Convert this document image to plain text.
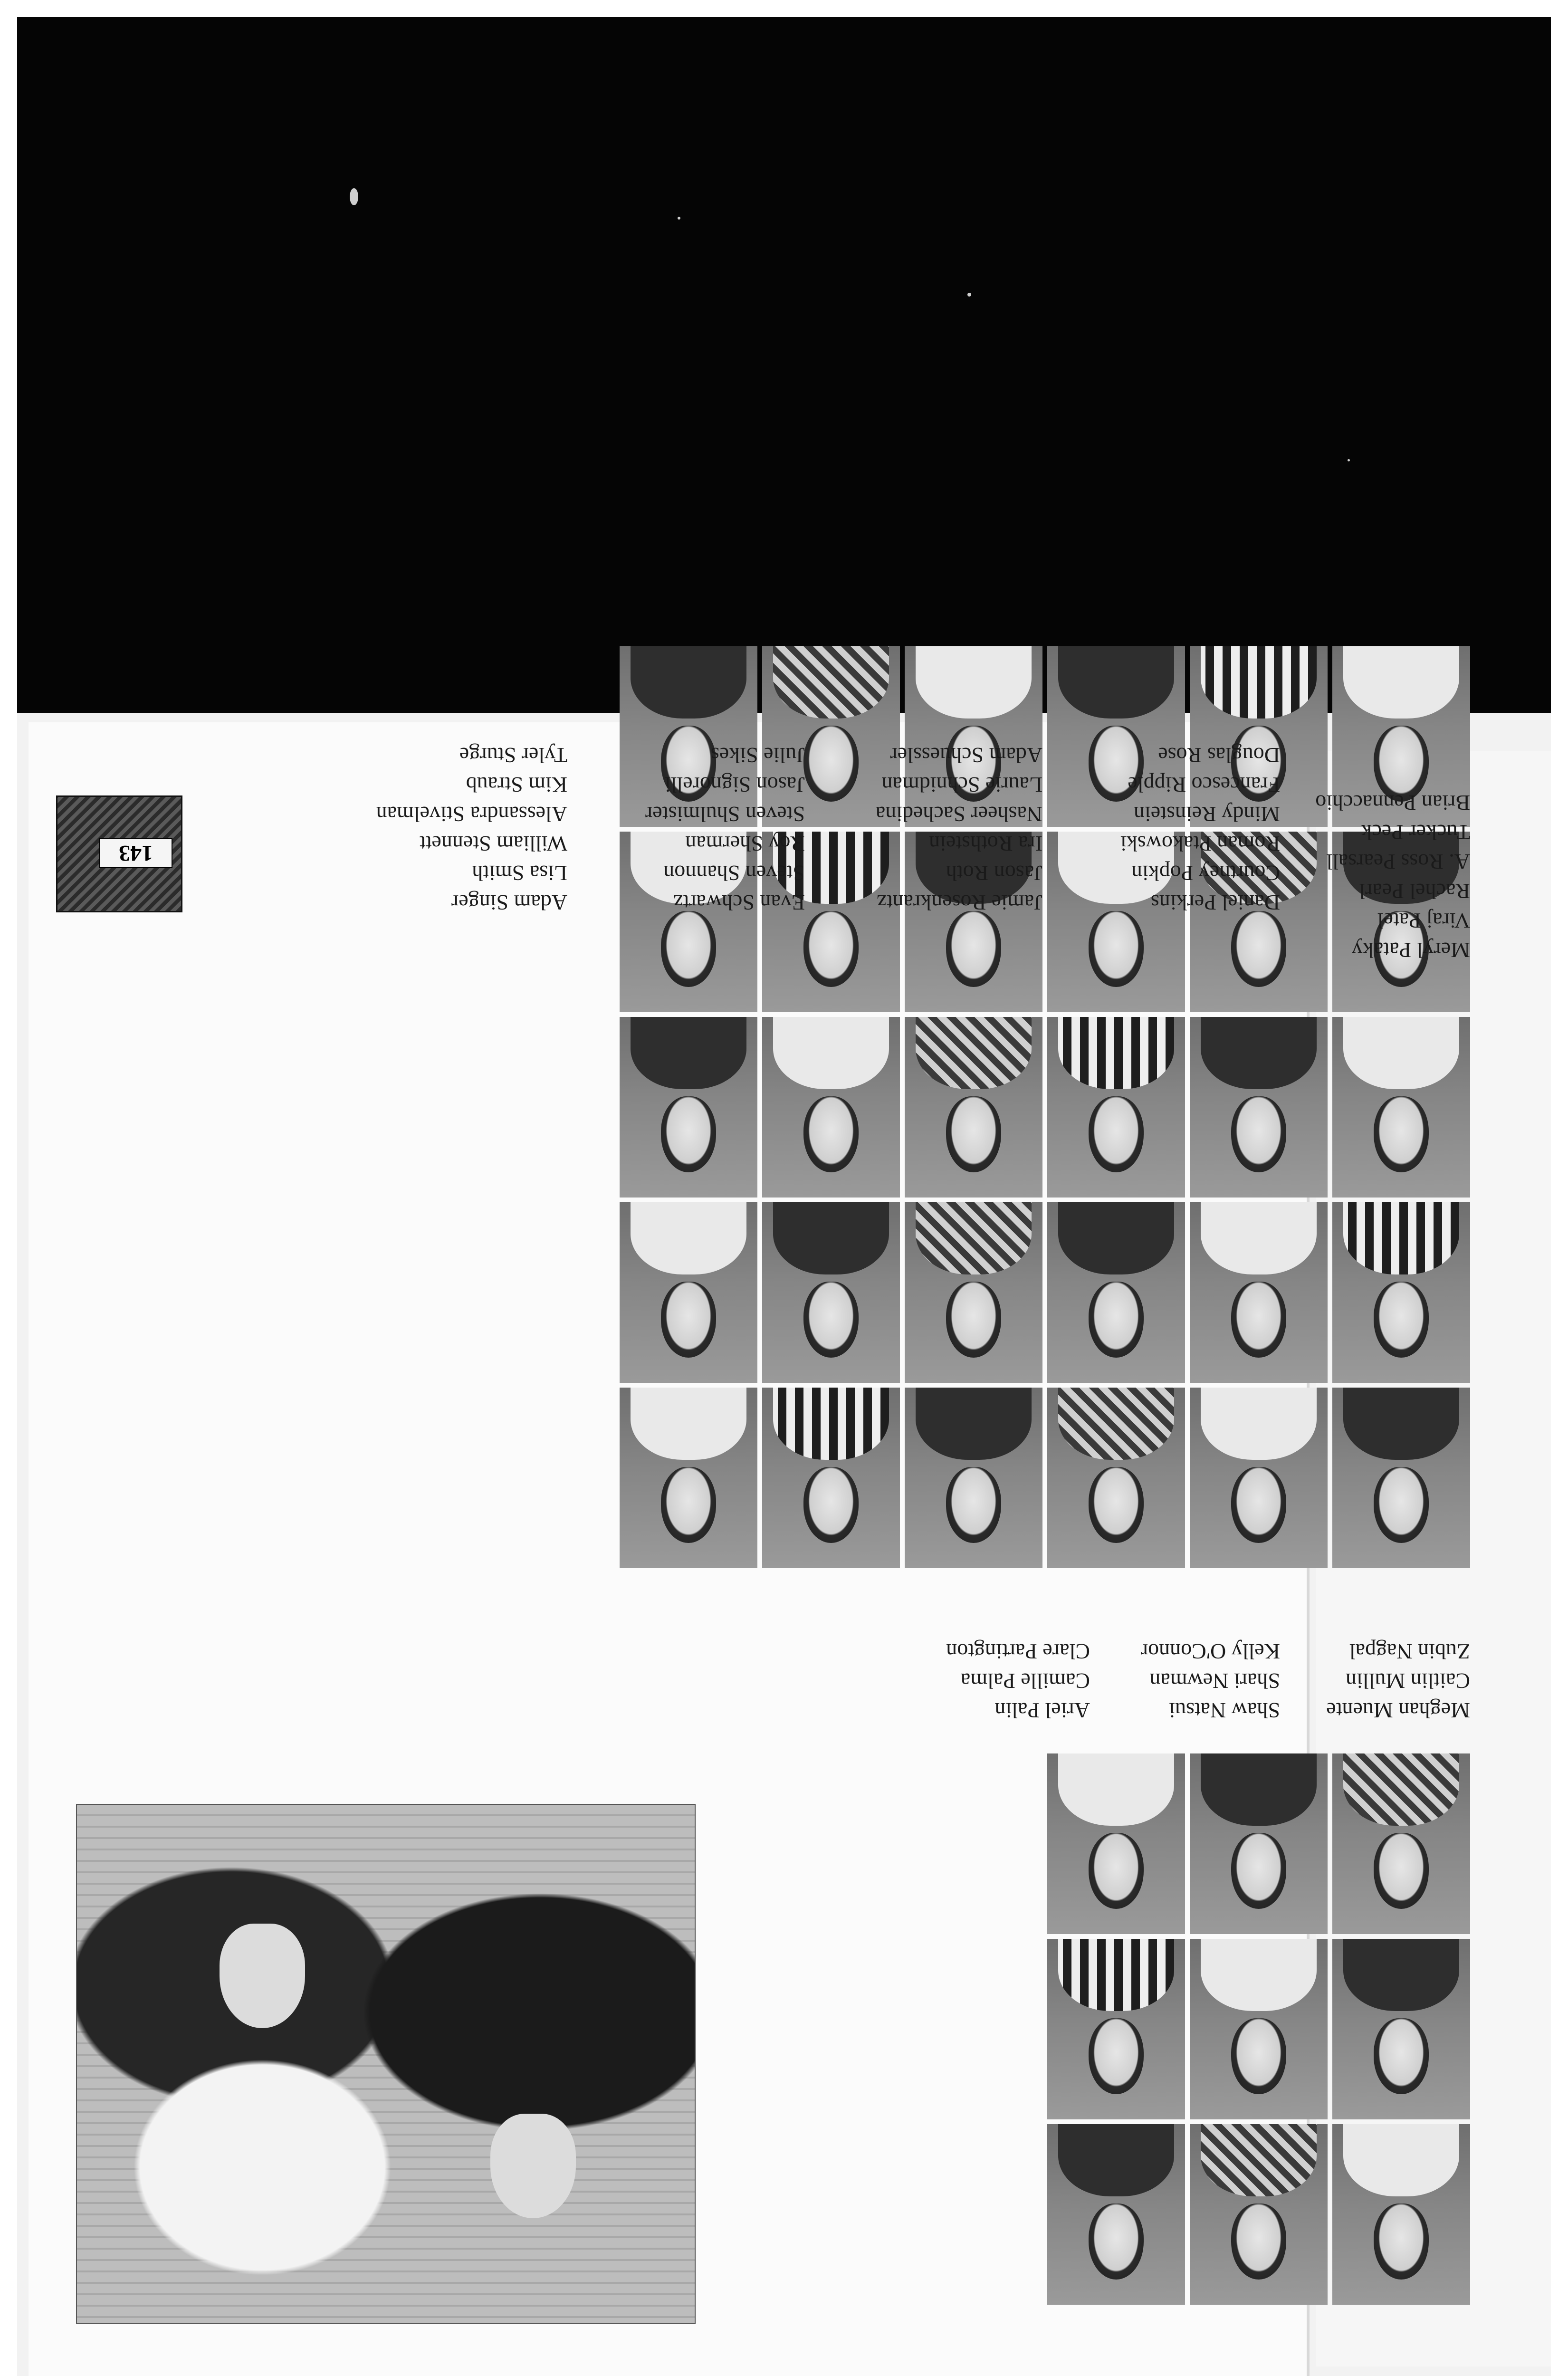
Meghan Muente
Caitlin Mullin
Zubin Nagpal
Shaw Natsui
Shari Newman
Kelly O'Connor
Ariel Palin
Camille Palma
Clare Partington
Meryl Pataky
Viraj Patel
Rachel Pearl
A. Ross Pearsall
Tucker Peck
Brian Pennacchio
Daniel Perkins
Courtney Popkin
Roman Ptakowski
Mindy Reinstein
Francesco Ripple
Douglas Rose
Jamie Rosenkrantz
Jason Roth
Ira Rothstein
Nasheer Sachedina
Laurie Schnidman
Adam Schuessler
Evan Schwartz
Steven Shannon
Roy Sherman
Steven Shulmister
Jason Signorelli
Julie Sikes
Adam Singer
Lisa Smith
William Stennett
Alessandra Stivelman
Kim Straub
Tyler Sturge
143
